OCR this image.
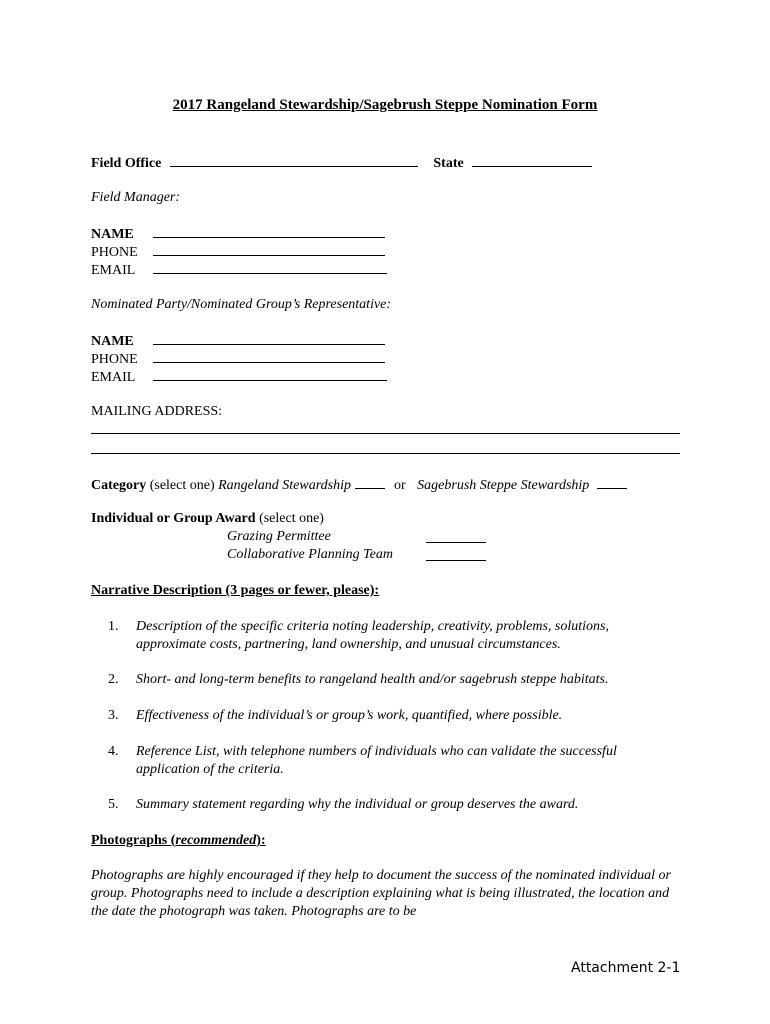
2017 Rangeland Stewardship/Sagebrush Steppe Nomination Form
Field Office	State
Field Manager:
NAME
PHONE
EMAIL
Nominated Party/Nominated Group’s Representative:
NAME
PHONE
EMAIL
MAILING ADDRESS:
Category (select one) Rangeland Stewardship	or Sagebrush Steppe Stewardship
Individual or Group Award (select one)
Grazing Permittee
Collaborative Planning Team
Narrative Description (3 pages or fewer, please):
1. Description of the specific criteria noting leadership, creativity, problems, solutions, approximate costs, partnering, land ownership, and unusual circumstances.
2. Short- and long-term benefits to rangeland health and/or sagebrush steppe habitats.
3. Effectiveness of the individual’s or group’s work, quantified, where possible.
4. Reference List, with telephone numbers of individuals who can validate the successful application of the criteria.
5. Summary statement regarding why the individual or group deserves the award.
Photographs (recommended):
Photographs are highly encouraged if they help to document the success of the nominated individual or group. Photographs need to include a description explaining what is being illustrated, the location and the date the photograph was taken. Photographs are to be
Attachment 2-1
